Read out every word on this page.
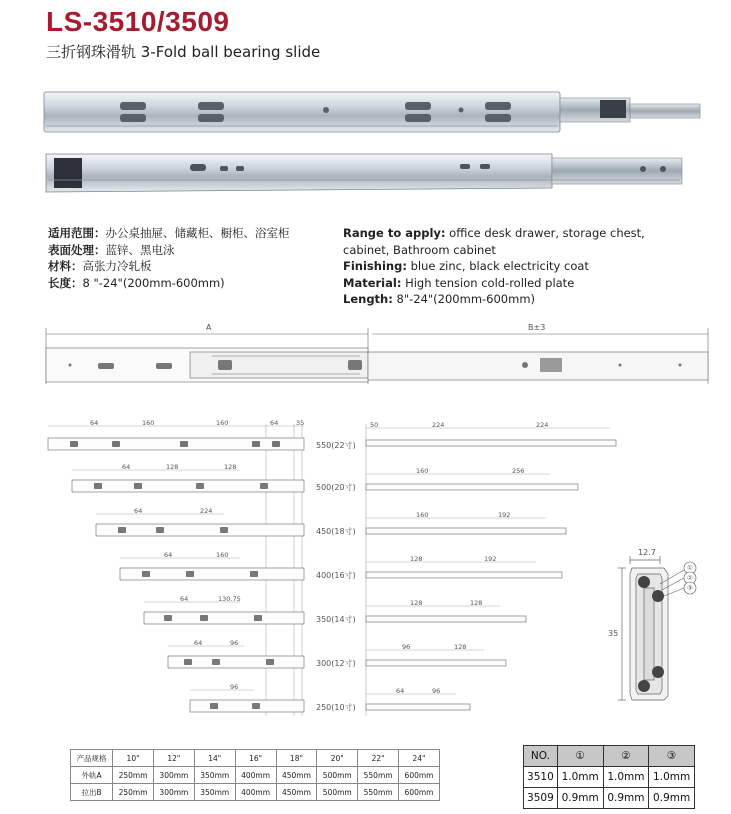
LS-3510/3509
三折钢珠滑轨 3-Fold ball bearing slide
适用范围：办公桌抽屉、储藏柜、橱柜、浴室柜
表面处理：蓝锌、黑电泳
材料：高张力冷轧板
长度：8 "-24"(200mm-600mm)
Range to apply: office desk drawer, storage chest,
cabinet, Bathroom cabinet
Finishing: blue zinc, black electricity coat
Material: High tension cold-rolled plate
Length: 8"-24"(200mm-600mm)
A	B±3
64	160	160	64	35
550(22寸)
64	128	128
500(20寸)
64	224
450(18寸)
64	160
400(16寸)
64	130.75
350(14寸)
64	96
300(12寸)
96
250(10寸)
50	224	224
160	256
160	192
128	192
128	128
96	128
64	96
①
②
③
12.7
35
产品规格	10"	12"	14"	16"	18"	20"	22"	24"
外轨A	250mm	300mm	350mm	400mm	450mm	500mm	550mm	600mm
拉出B	250mm	300mm	350mm	400mm	450mm	500mm	550mm	600mm
NO.	①	②	③
3510	1.0mm	1.0mm	1.0mm
3509	0.9mm	0.9mm	0.9mm
